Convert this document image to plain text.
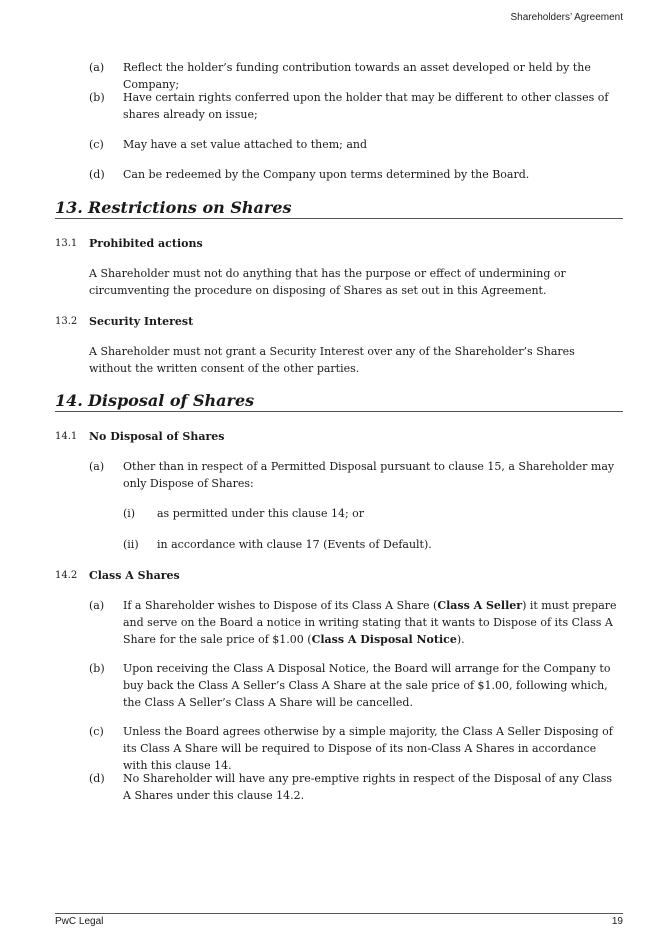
Shareholders’ Agreement
(a) Reflect the holder’s funding contribution towards an asset developed or held by the Company;
(b) Have certain rights conferred upon the holder that may be different to other classes of shares already on issue;
(c) May have a set value attached to them; and
(d) Can be redeemed by the Company upon terms determined by the Board.
13. Restrictions on Shares
13.1 Prohibited actions
A Shareholder must not do anything that has the purpose or effect of undermining or circumventing the procedure on disposing of Shares as set out in this Agreement.
13.2 Security Interest
A Shareholder must not grant a Security Interest over any of the Shareholder’s Shares without the written consent of the other parties.
14. Disposal of Shares
14.1 No Disposal of Shares
(a) Other than in respect of a Permitted Disposal pursuant to clause 15, a Shareholder may only Dispose of Shares:
(i) as permitted under this clause 14; or
(ii) in accordance with clause 17 (Events of Default).
14.2 Class A Shares
(a) If a Shareholder wishes to Dispose of its Class A Share (Class A Seller) it must prepare and serve on the Board a notice in writing stating that it wants to Dispose of its Class A Share for the sale price of $1.00 (Class A Disposal Notice).
(b) Upon receiving the Class A Disposal Notice, the Board will arrange for the Company to buy back the Class A Seller’s Class A Share at the sale price of $1.00, following which, the Class A Seller’s Class A Share will be cancelled.
(c) Unless the Board agrees otherwise by a simple majority, the Class A Seller Disposing of its Class A Share will be required to Dispose of its non-Class A Shares in accordance with this clause 14.
(d) No Shareholder will have any pre-emptive rights in respect of the Disposal of any Class A Shares under this clause 14.2.
PwC Legal	19
